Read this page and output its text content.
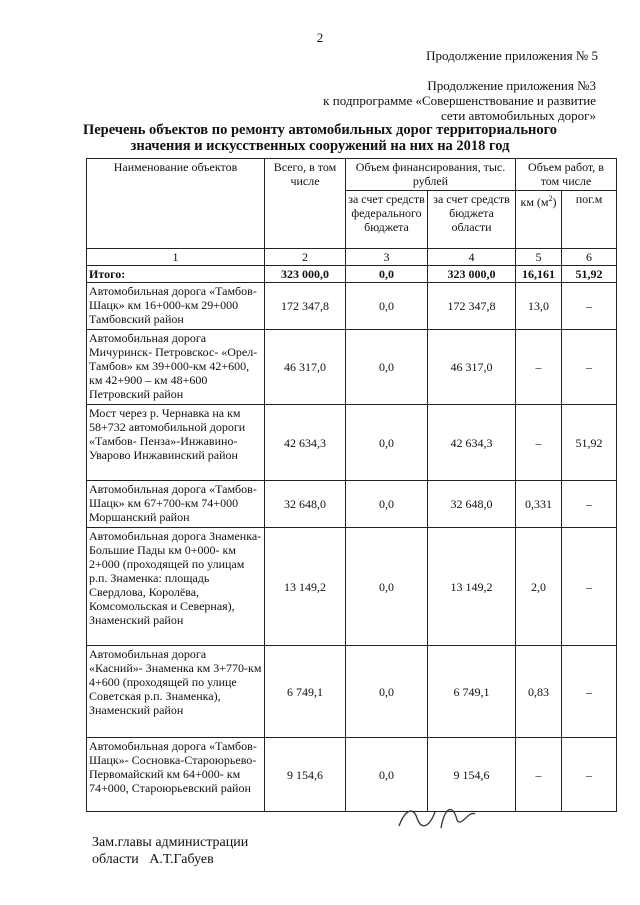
2
Продолжение приложения № 5
Продолжение приложения №3
к подпрограмме «Совершенствование и развитие
сети автомобильных дорог»
Перечень объектов по ремонту автомобильных дорог территориального
значения и искусственных сооружений на них на 2018 год
Наименование объектов	Всего, в том числе	Объем финансирования, тыс. рублей		Объем работ, в том числе	
		за счет средств федерального бюджета	за счет средств бюджета области	км $(м^2)$	пог.м
1	2	3	4	5	6
Итого:	323 000,0	0,0	323 000,0	16,161	51,92
Автомобильная дорога «Тамбов- Шацк» км 16+000-км 29+000 Тамбовский район	172 347,8	0,0	172 347,8	13,0	–
Автомобильная дорога Мичуринск- Петровскос- «Орел- Тамбов» км 39+000-км 42+600, км 42+900 – км 48+600 Петровский район	46 317,0	0,0	46 317,0	–	–
Мост через р. Чернавка на км 58+732 автомобильной дороги «Тамбов- Пенза»-Инжавино- Уварово Инжавинский район	42 634,3	0,0	42 634,3	–	51,92
Автомобильная дорога «Тамбов- Шацк» км 67+700-км 74+000 Моршанский район	32 648,0	0,0	32 648,0	0,331	–
Автомобильная дорога Знаменка- Большие Пады км 0+000- км 2+000 (проходящей по улицам р.п. Знаменка: площадь Свердлова, Королёва, Комсомольская и Северная), Знаменский район	13 149,2	0,0	13 149,2	2,0	–
Автомобильная дорога «Касний»- Знаменка км 3+770-км 4+600 (проходящей по улице Советская р.п. Знаменка), Знаменский район	6 749,1	0,0	6 749,1	0,83	–
Автомобильная дорога «Тамбов- Шацк»- Сосновка-Староюрьево-Первомайский км 64+000- км 74+000, Староюрьевский район	9 154,6	0,0	9 154,6	–	–
Зам.главы администрации
области   А.Т.Габуев
